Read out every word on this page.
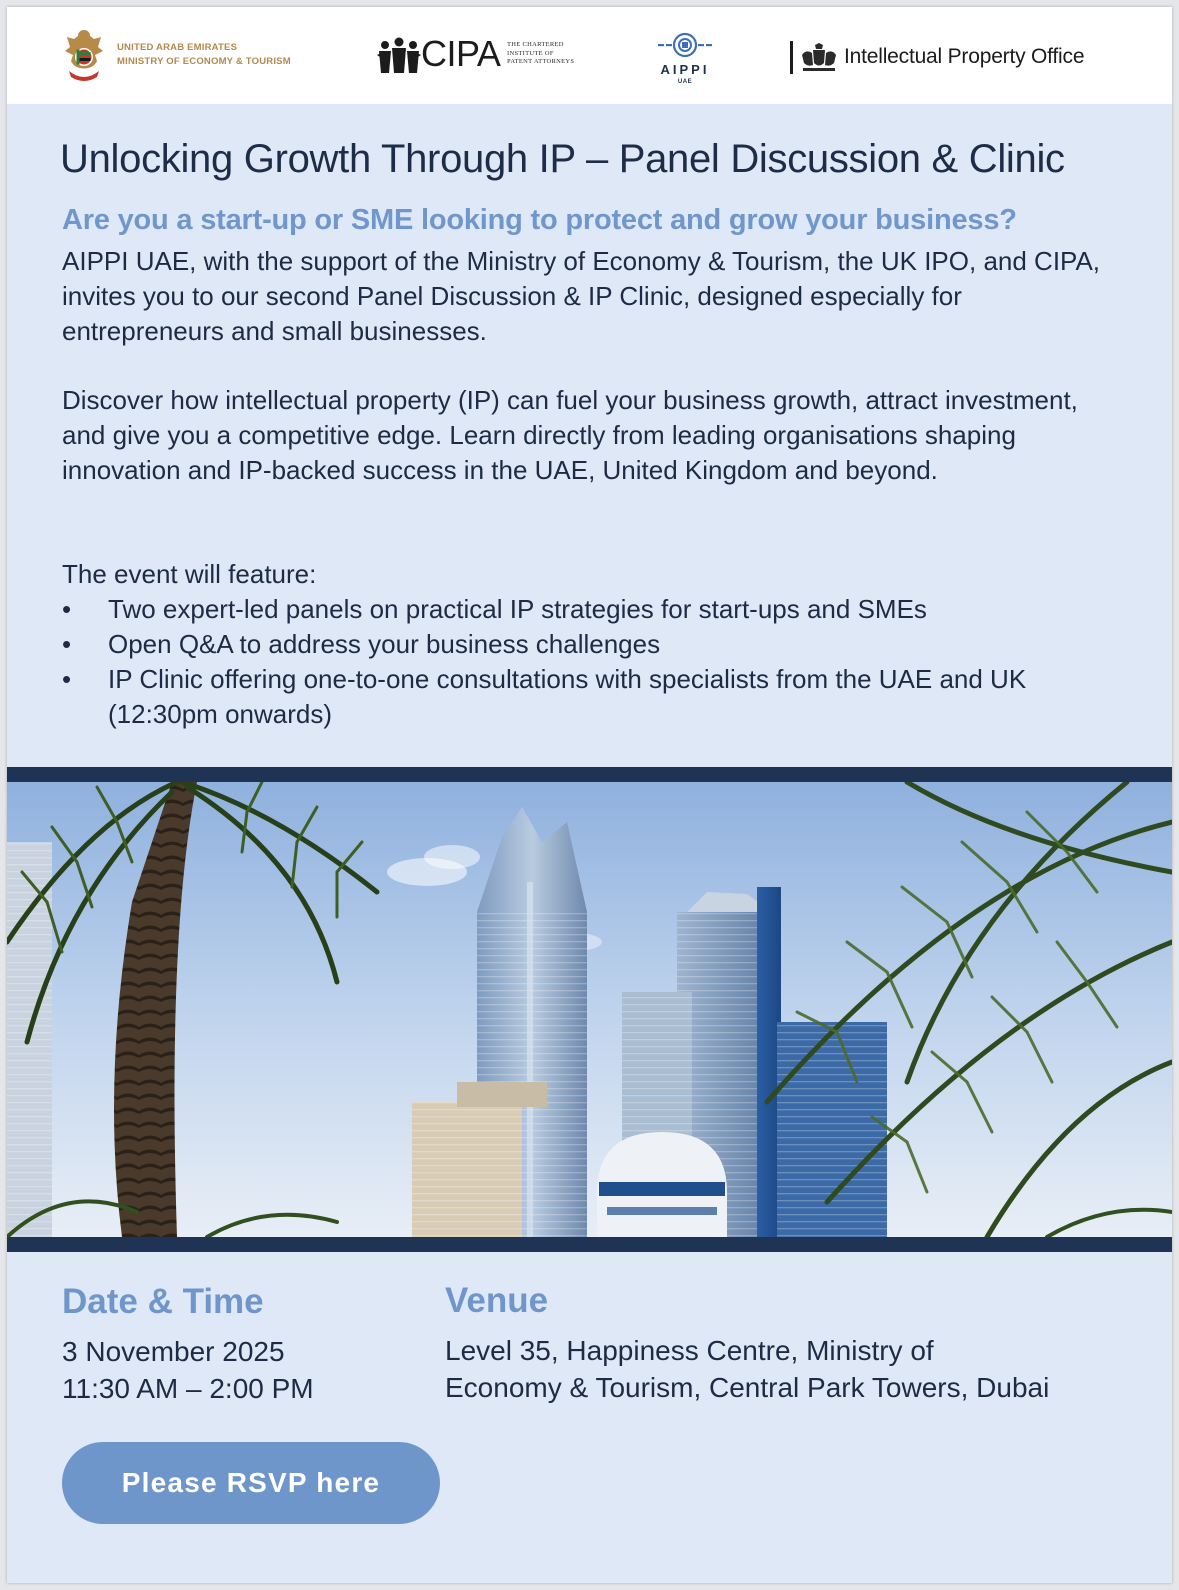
UNITED ARAB EMIRATES
MINISTRY OF ECONOMY & TOURISM	CIPA THE CHARTERED
INSTITUTE OF
PATENT ATTORNEYS
AIPPI
UAE
Intellectual Property Office
Unlocking Growth Through IP – Panel Discussion & Clinic
Are you a start-up or SME looking to protect and grow your business?

AIPPI UAE, with the support of the Ministry of Economy & Tourism, the UK IPO, and CIPA, invites you to our second Panel Discussion & IP Clinic, designed especially for entrepreneurs and small businesses.

Discover how intellectual property (IP) can fuel your business growth, attract investment, and give you a competitive edge. Learn directly from leading organisations shaping innovation and IP-backed success in the UAE, United Kingdom and beyond.

The event will feature:
• Two expert-led panels on practical IP strategies for start-ups and SMEs
• Open Q&A to address your business challenges
• IP Clinic offering one-to-one consultations with specialists from the UAE and UK (12:30pm onwards)
Date & Time
3 November 2025
11:30 AM – 2:00 PM
Venue
Level 35, Happiness Centre, Ministry of
Economy & Tourism, Central Park Towers, Dubai
Please RSVP here
